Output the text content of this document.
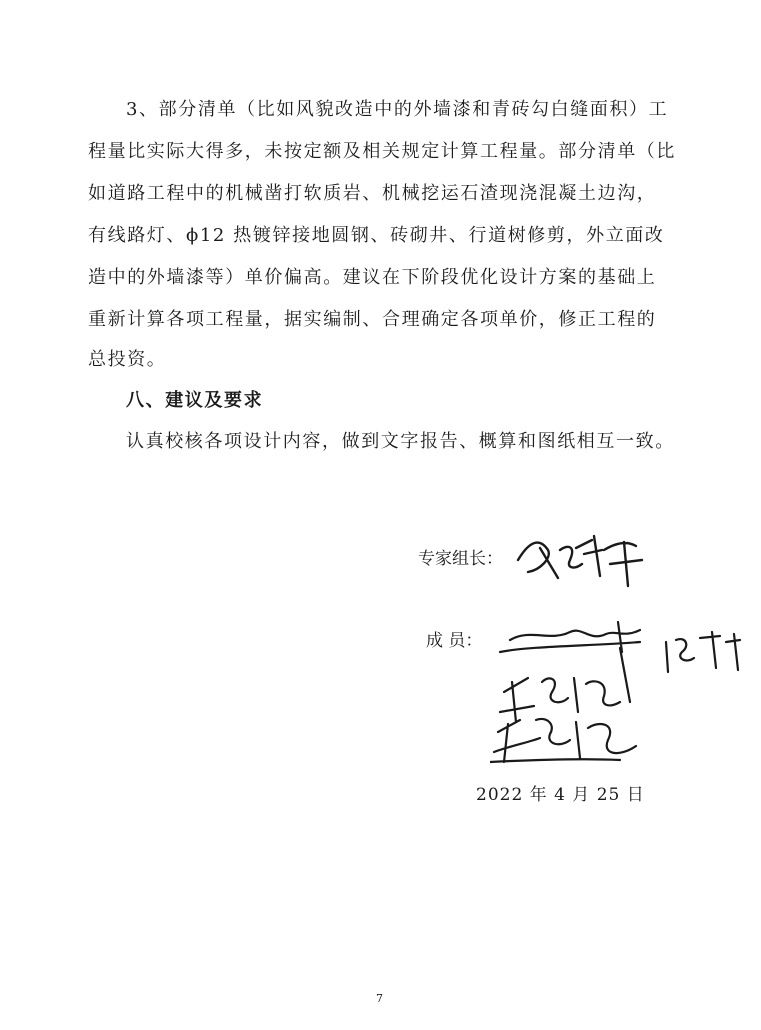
3、部分清单（比如风貌改造中的外墙漆和青砖勾白缝面积）工
程量比实际大得多，未按定额及相关规定计算工程量。部分清单（比
如道路工程中的机械凿打软质岩、机械挖运石渣现浇混凝土边沟，
有线路灯、ϕ12 热镀锌接地圆钢、砖砌井、行道树修剪，外立面改
造中的外墙漆等）单价偏高。建议在下阶段优化设计方案的基础上
重新计算各项工程量，据实编制、合理确定各项单价，修正工程的
总投资。
八、建议及要求
认真校核各项设计内容，做到文字报告、概算和图纸相互一致。
专家组长：
成 员：
2022 年 4 月 25 日
7
